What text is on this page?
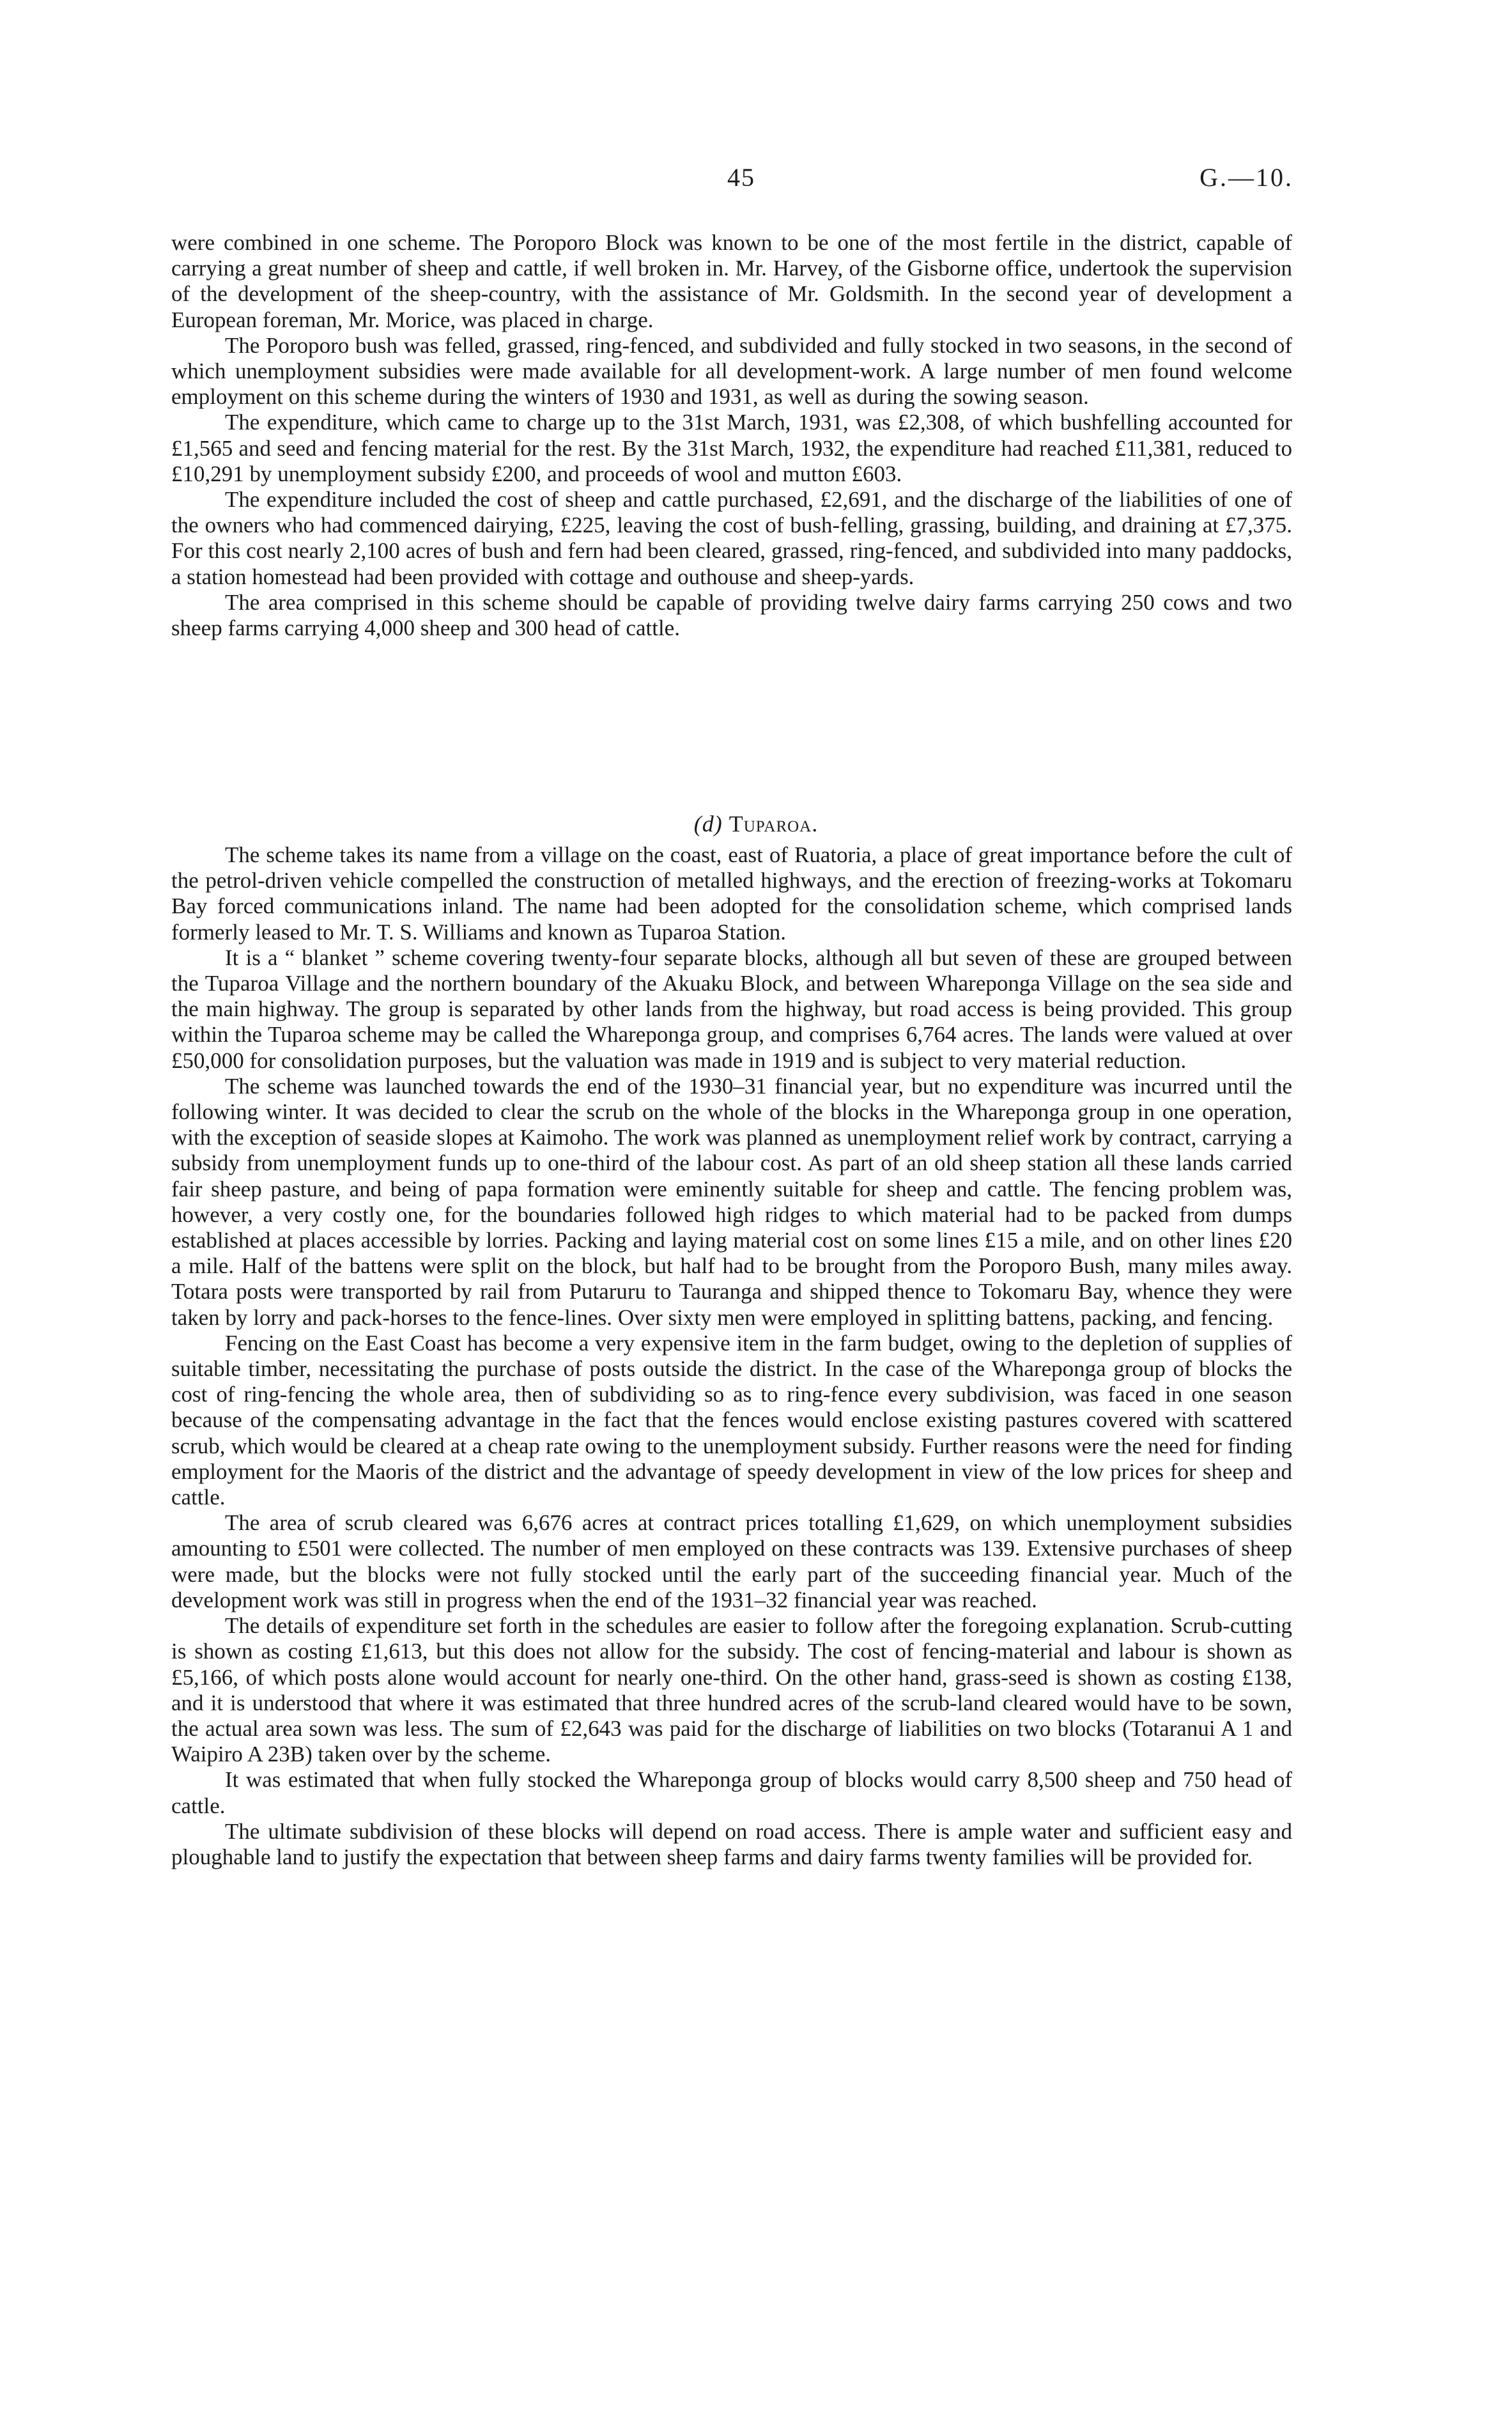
45	G.—10.

were combined in one scheme. The Poroporo Block was known to be one of the most fertile in the district, capable of carrying a great number of sheep and cattle, if well broken in. Mr. Harvey, of the Gisborne office, undertook the supervision of the development of the sheep-country, with the assistance of Mr. Goldsmith. In the second year of development a European foreman, Mr. Morice, was placed in charge.

The Poroporo bush was felled, grassed, ring-fenced, and subdivided and fully stocked in two seasons, in the second of which unemployment subsidies were made available for all development-work. A large number of men found welcome employment on this scheme during the winters of 1930 and 1931, as well as during the sowing season.

The expenditure, which came to charge up to the 31st March, 1931, was £2,308, of which bushfelling accounted for £1,565 and seed and fencing material for the rest. By the 31st March, 1932, the expenditure had reached £11,381, reduced to £10,291 by unemployment subsidy £200, and proceeds of wool and mutton £603.

The expenditure included the cost of sheep and cattle purchased, £2,691, and the discharge of the liabilities of one of the owners who had commenced dairying, £225, leaving the cost of bush-felling, grassing, building, and draining at £7,375. For this cost nearly 2,100 acres of bush and fern had been cleared, grassed, ring-fenced, and subdivided into many paddocks, a station homestead had been provided with cottage and outhouse and sheep-yards.

The area comprised in this scheme should be capable of providing twelve dairy farms carrying 250 cows and two sheep farms carrying 4,000 sheep and 300 head of cattle.

(d) Tuparoa.

The scheme takes its name from a village on the coast, east of Ruatoria, a place of great importance before the cult of the petrol-driven vehicle compelled the construction of metalled highways, and the erection of freezing-works at Tokomaru Bay forced communications inland. The name had been adopted for the consolidation scheme, which comprised lands formerly leased to Mr. T. S. Williams and known as Tuparoa Station.

It is a “ blanket ” scheme covering twenty-four separate blocks, although all but seven of these are grouped between the Tuparoa Village and the northern boundary of the Akuaku Block, and between Whareponga Village on the sea side and the main highway. The group is separated by other lands from the highway, but road access is being provided. This group within the Tuparoa scheme may be called the Whareponga group, and comprises 6,764 acres. The lands were valued at over £50,000 for consolidation purposes, but the valuation was made in 1919 and is subject to very material reduction.

The scheme was launched towards the end of the 1930–31 financial year, but no expenditure was incurred until the following winter. It was decided to clear the scrub on the whole of the blocks in the Whareponga group in one operation, with the exception of seaside slopes at Kaimoho. The work was planned as unemployment relief work by contract, carrying a subsidy from unemployment funds up to one-third of the labour cost. As part of an old sheep station all these lands carried fair sheep pasture, and being of papa formation were eminently suitable for sheep and cattle. The fencing problem was, however, a very costly one, for the boundaries followed high ridges to which material had to be packed from dumps established at places accessible by lorries. Packing and laying material cost on some lines £15 a mile, and on other lines £20 a mile. Half of the battens were split on the block, but half had to be brought from the Poroporo Bush, many miles away. Totara posts were transported by rail from Putaruru to Tauranga and shipped thence to Tokomaru Bay, whence they were taken by lorry and pack-horses to the fence-lines. Over sixty men were employed in splitting battens, packing, and fencing.

Fencing on the East Coast has become a very expensive item in the farm budget, owing to the depletion of supplies of suitable timber, necessitating the purchase of posts outside the district. In the case of the Whareponga group of blocks the cost of ring-fencing the whole area, then of subdividing so as to ring-fence every subdivision, was faced in one season because of the compensating advantage in the fact that the fences would enclose existing pastures covered with scattered scrub, which would be cleared at a cheap rate owing to the unemployment subsidy. Further reasons were the need for finding employment for the Maoris of the district and the advantage of speedy development in view of the low prices for sheep and cattle.

The area of scrub cleared was 6,676 acres at contract prices totalling £1,629, on which unemployment subsidies amounting to £501 were collected. The number of men employed on these contracts was 139. Extensive purchases of sheep were made, but the blocks were not fully stocked until the early part of the succeeding financial year. Much of the development work was still in progress when the end of the 1931–32 financial year was reached.

The details of expenditure set forth in the schedules are easier to follow after the foregoing explanation. Scrub-cutting is shown as costing £1,613, but this does not allow for the subsidy. The cost of fencing-material and labour is shown as £5,166, of which posts alone would account for nearly one-third. On the other hand, grass-seed is shown as costing £138, and it is understood that where it was estimated that three hundred acres of the scrub-land cleared would have to be sown, the actual area sown was less. The sum of £2,643 was paid for the discharge of liabilities on two blocks (Totaranui A 1 and Waipiro A 23B) taken over by the scheme.

It was estimated that when fully stocked the Whareponga group of blocks would carry 8,500 sheep and 750 head of cattle.

The ultimate subdivision of these blocks will depend on road access. There is ample water and sufficient easy and ploughable land to justify the expectation that between sheep farms and dairy farms twenty families will be provided for.
